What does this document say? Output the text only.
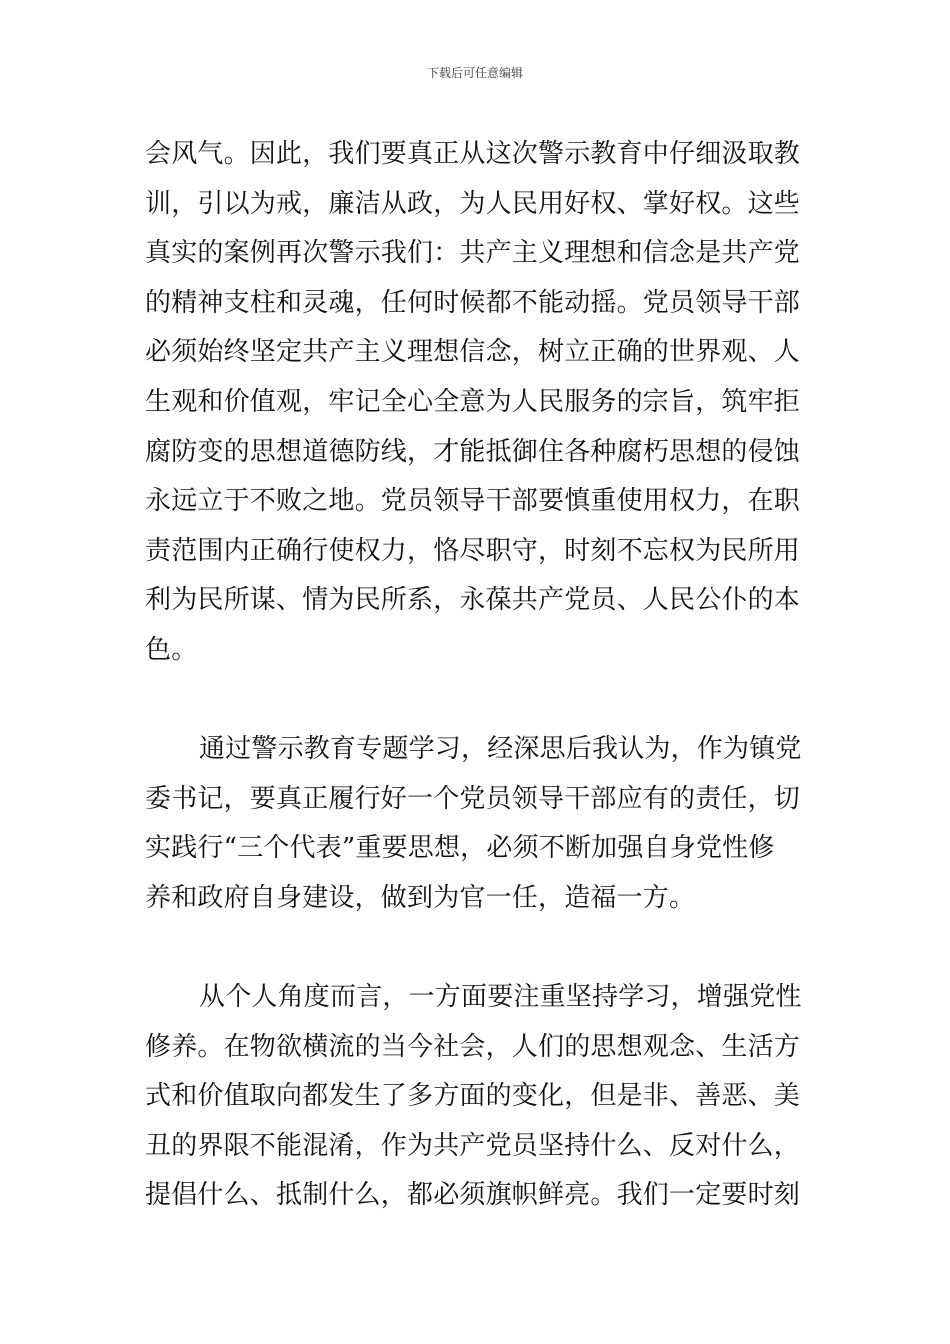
下载后可任意编辑
会风气。因此，我们要真正从这次警示教育中仔细汲取教
训，引以为戒，廉洁从政，为人民用好权、掌好权。这些
真实的案例再次警示我们：共产主义理想和信念是共产党
的精神支柱和灵魂，任何时候都不能动摇。党员领导干部
必须始终坚定共产主义理想信念，树立正确的世界观、人
生观和价值观，牢记全心全意为人民服务的宗旨，筑牢拒
腐防变的思想道德防线，才能抵御住各种腐朽思想的侵蚀
永远立于不败之地。党员领导干部要慎重使用权力，在职
责范围内正确行使权力，恪尽职守，时刻不忘权为民所用
利为民所谋、情为民所系，永葆共产党员、人民公仆的本
色。
通过警示教育专题学习，经深思后我认为，作为镇党
委书记，要真正履行好一个党员领导干部应有的责任，切
实践行“三个代表”重要思想，必须不断加强自身党性修
养和政府自身建设，做到为官一任，造福一方。
从个人角度而言，一方面要注重坚持学习，增强党性
修养。在物欲横流的当今社会，人们的思想观念、生活方
式和价值取向都发生了多方面的变化，但是非、善恶、美
丑的界限不能混淆，作为共产党员坚持什么、反对什么，
提倡什么、抵制什么，都必须旗帜鲜亮。我们一定要时刻
